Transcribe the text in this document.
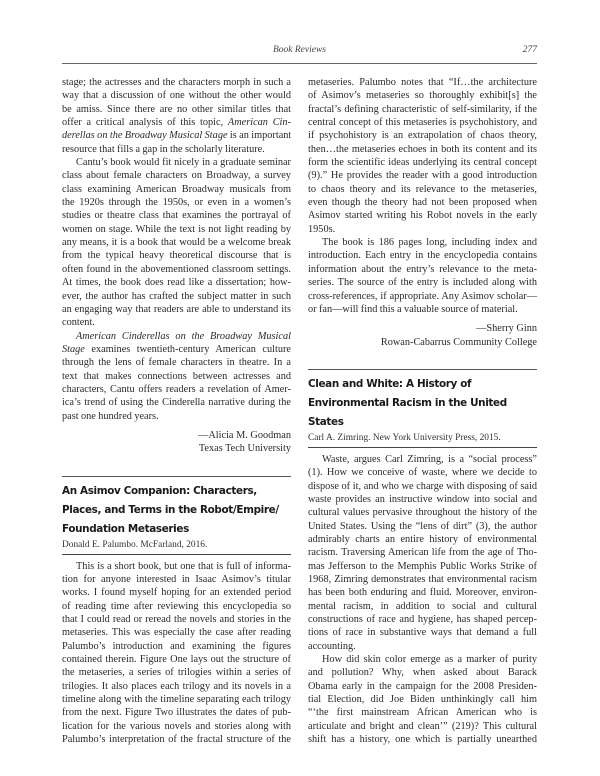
Book Reviews	277
stage; the actresses and the characters morph in such a
way that a discussion of one without the other would
be amiss. Since there are no other similar titles that
offer a critical analysis of this topic, American Cin-
derellas on the Broadway Musical Stage is an important
resource that fills a gap in the scholarly literature.
Cantu’s book would fit nicely in a graduate seminar
class about female characters on Broadway, a survey
class examining American Broadway musicals from
the 1920s through the 1950s, or even in a women’s
studies or theatre class that examines the portrayal of
women on stage. While the text is not light reading by
any means, it is a book that would be a welcome break
from the typical heavy theoretical discourse that is
often found in the abovementioned classroom settings.
At times, the book does read like a dissertation; how-
ever, the author has crafted the subject matter in such
an engaging way that readers are able to understand its
content.
American Cinderellas on the Broadway Musical
Stage examines twentieth-century American culture
through the lens of female characters in theatre. In a
text that makes connections between actresses and
characters, Cantu offers readers a revelation of Amer-
ica’s trend of using the Cinderella narrative during the
past one hundred years.
—Alicia M. Goodman
Texas Tech University
An Asimov Companion: Characters,
Places, and Terms in the Robot/Empire/
Foundation Metaseries
Donald E. Palumbo. McFarland, 2016.
This is a short book, but one that is full of informa-
tion for anyone interested in Isaac Asimov’s titular
works. I found myself hoping for an extended period
of reading time after reviewing this encyclopedia so
that I could read or reread the novels and stories in the
metaseries. This was especially the case after reading
Palumbo’s introduction and examining the figures
contained therein. Figure One lays out the structure of
the metaseries, a series of trilogies within a series of
trilogies. It also places each trilogy and its novels in a
timeline along with the timeline separating each trilogy
from the next. Figure Two illustrates the dates of pub-
lication for the various novels and stories along with
Palumbo’s interpretation of the fractal structure of the
metaseries. Palumbo notes that “If…the architecture
of Asimov’s metaseries so thoroughly exhibit[s] the
fractal’s defining characteristic of self-similarity, if the
central concept of this metaseries is psychohistory, and
if psychohistory is an extrapolation of chaos theory,
then…the metaseries echoes in both its content and its
form the scientific ideas underlying its central concept
(9).” He provides the reader with a good introduction
to chaos theory and its relevance to the metaseries,
even though the theory had not been proposed when
Asimov started writing his Robot novels in the early
1950s.
The book is 186 pages long, including index and
introduction. Each entry in the encyclopedia contains
information about the entry’s relevance to the meta-
series. The source of the entry is included along with
cross-references, if appropriate. Any Asimov scholar—
or fan—will find this a valuable source of material.
—Sherry Ginn
Rowan-Cabarrus Community College
Clean and White: A History of
Environmental Racism in the United
States
Carl A. Zimring. New York University Press, 2015.
Waste, argues Carl Zimring, is a “social process”
(1). How we conceive of waste, where we decide to
dispose of it, and who we charge with disposing of said
waste provides an instructive window into social and
cultural values pervasive throughout the history of the
United States. Using the “lens of dirt” (3), the author
admirably charts an entire history of environmental
racism. Traversing American life from the age of Tho-
mas Jefferson to the Memphis Public Works Strike of
1968, Zimring demonstrates that environmental racism
has been both enduring and fluid. Moreover, environ-
mental racism, in addition to social and cultural
constructions of race and hygiene, has shaped percep-
tions of race in substantive ways that demand a full
accounting.
How did skin color emerge as a marker of purity
and pollution? Why, when asked about Barack
Obama early in the campaign for the 2008 Presiden-
tial Election, did Joe Biden unthinkingly call him
“‘the first mainstream African American who is
articulate and bright and clean’” (219)? This cultural
shift has a history, one which is partially unearthed
